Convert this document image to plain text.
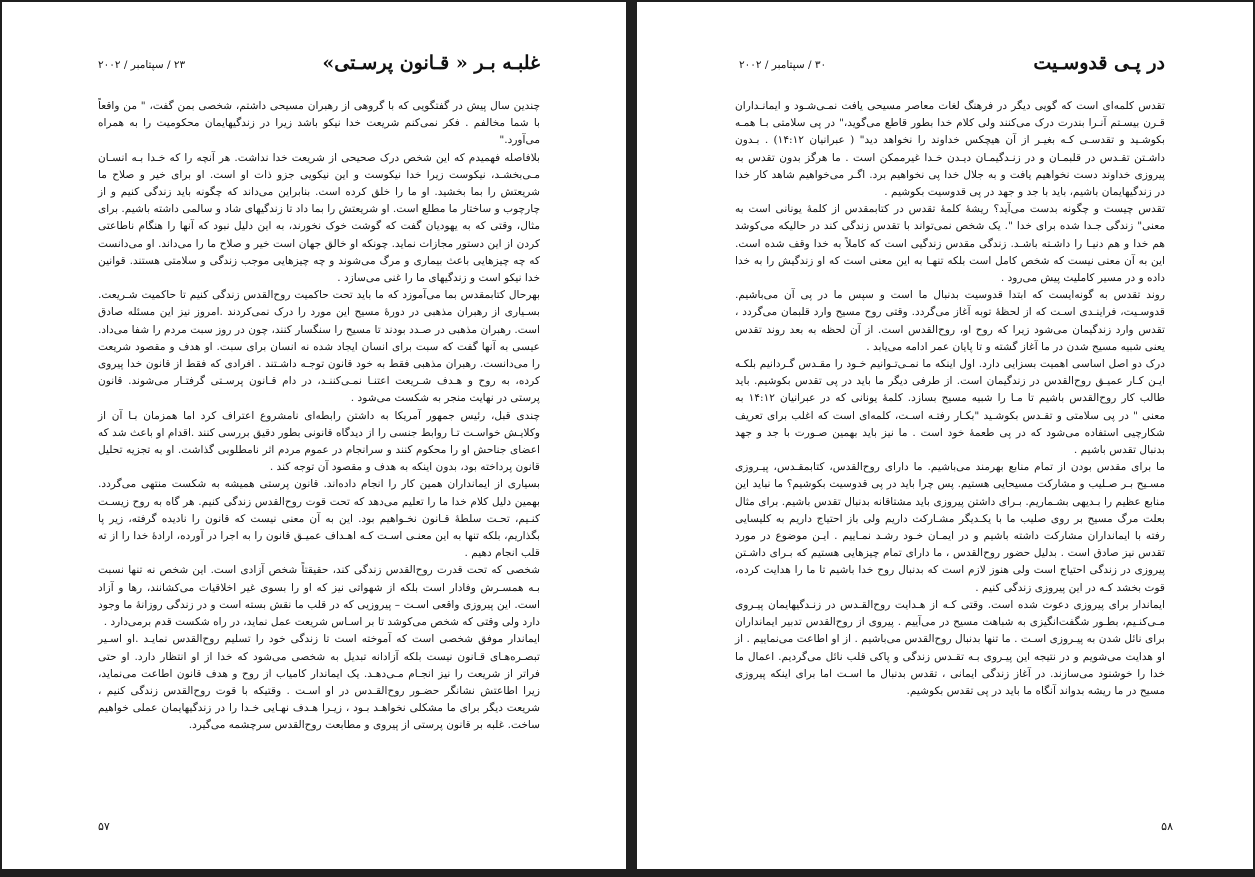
غلبـه بـر « قـانون پرسـتی»
۲۳ / سپتامبر / ۲۰۰۲

چندین سال پیش در گفتگویی که با گروهی از رهبران مسیحی داشتم، شخصی بمن گفت، " من واقعاً با شما مخالفم . فکر نمی‌کنم شریعت خدا نیکو باشد زیرا در زندگیهایمان محکومیت را به همراه می‌آورد."

بلافاصله فهمیدم که این شخص درک صحیحی از شریعت خدا نداشت. هر آنچه را که خـدا بـه انسـان مـی‌بخشـد، نیکوست زیرا خدا نیکوست و این نیکویی جزو ذات او است. او برای خیر و صلاح ما شریعتش را بما بخشید. او ما را خلق کرده است. بنابراین می‌داند که چگونه باید زندگی کنیم و از چارچوب و ساختار ما مطلع است. او شریعتش را بما داد تا زندگیهای شاد و سالمی داشته باشیم. برای مثال، وقتی که به یهودیان گفت که گوشت خوک نخورند، به این دلیل نبود که آنها را هنگام ناطاعتی کردن از این دستور مجازات نماید. چونکه او خالق جهان است خیر و صلاح ما را می‌داند. او می‌دانست که چه چیزهایی باعث بیماری و مرگ می‌شوند و چه چیزهایی موجب زندگی و سلامتی هستند. قوانین خدا نیکو است و زندگیهای ما را غنی می‌سازد .

بهرحال کتابمقدس بما می‌آموزد که ما باید تحت حاکمیت روح‌القدس زندگی کنیم تا حاکمیت شـریعت. بسـیاری از رهبران مذهبی در دورۀ مسیح این مورد را درک نمی‌کردند .امروز نیز این مسئله صادق است. رهبران مذهبی در صـدد بودند تا مسیح را سنگسار کنند، چون در روز سبت مردم را شفا می‌داد. عیسی به آنها گفت که سبت برای انسان ایجاد شده نه انسان برای سبت. او هدف و مقصود شریعت را می‌دانست. رهبران مذهبی فقط به خود قانون توجـه داشـتند . افرادی که فقط از قانون خدا پیروی کرده، به روح و هـدف شـریعت اعتنـا نمـی‌کننـد، در دام قـانون پرسـتی گرفتـار می‌شوند. قانون پرستی در نهایت منجر به شکست می‌شود .

چندی قبل، رئیس جمهور آمریکا به داشتن رابطه‌ای نامشروع اعتراف کرد اما همزمان بـا آن از وکلایـش خواسـت تـا روابط جنسی را از دیدگاه قانونی بطور دقیق بررسی کنند .اقدام او باعث شد که اعضای جناحش او را محکوم کنند و سرانجام در عموم مردم اثر نامطلوبی گذاشت. او به تجزیه تحلیل قانون پرداخته بود، بدون اینکه به هدف و مقصود آن توجه کند .

بسیاری از ایمانداران همین کار را انجام داده‌اند. قانون پرستی همیشه به شکست منتهی می‌گردد. بهمین دلیل کلام خدا ما را تعلیم می‌دهد که تحت قوت روح‌القدس زندگی کنیم. هر گاه به روح زیسـت کنـیم، تحـت سلطۀ قـانون نخـواهیم بود. این به آن معنی نیست که قانون را نادیده گرفته، زیر پا بگذاریم، بلکه تنها به این معنـی اسـت کـه اهـداف عمیـق قانون را به اجرا در آورده، ارادۀ خدا را از ته قلب انجام دهیم .

شخصی که تحت قدرت روح‌القدس زندگی کند، حقیقتاً شخص آزادی است. این شخص نه تنها نسبت بـه همسـرش وفادار است بلکه از شهواتی نیز که او را بسوی غیر اخلاقیات می‌کشانند، رها و آزاد است. این پیروزی واقعی اسـت – پیروزیی که در قلب ما نقش بسته است و در زندگی روزانۀ ما وجود دارد ولی وقتی که شخص می‌کوشد تا بر اسـاس شریعت عمل نماید، در راه شکست قدم برمی‌دارد .

ایماندار موفق شخصی است که آموخته است تا زندگی خود را تسلیم روح‌القدس نمایـد .او اسـیر تبصـره‌هـای قـانون نیست بلکه آزادانه تبدیل به شخصی می‌شود که خدا از او انتظار دارد. او حتی فراتر از شریعت را نیز انجـام مـی‌دهـد. یک ایماندار کامیاب از روح و هدف قانون اطاعت می‌نماید، زیرا اطاعتش نشانگر حضـور روح‌القـدس در او اسـت . وقتیکه با قوت روح‌القدس زندگی کنیم ، شریعت دیگر برای ما مشکلی نخواهـد بـود ، زیـرا هـدف نهـایی خـدا را در زندگیهایمان عملی خواهیم ساخت. غلبه بر قانون پرستی از پیروی و مطابعت روح‌القدس سرچشمه می‌گیرد.

۵۷
در پـی قدوسـیت
۳۰ / سپتامبر / ۲۰۰۲

تقدس کلمه‌ای است که گویی دیگر در فرهنگ لغات معاصر مسیحی یافت نمـی‌شـود و ایمانـداران قـرن بیسـتم آنـرا بندرت درک می‌کنند ولی کلام خدا بطور قاطع می‌گوید،" در پی سلامتی بـا همـه بکوشـید و تقدسـی کـه بغیـر از آن هیچکس خداوند را نخواهد دید" ( عبرانیان ۱۴:۱۲) . بـدون داشـتن تقـدس در قلبمـان و در زنـدگیمـان دیـدن خـدا غیرممکن است . ما هرگز بدون تقدس به پیروزی خداوند دست نخواهیم یافت و به جلال خدا پی نخواهیم برد. اگـر می‌خواهیم شاهد کار خدا در زندگیهایمان باشیم، باید با جد و جهد در پی قدوسیت بکوشیم .

تقدس چیست و چگونه بدست می‌آید؟ ریشۀ کلمۀ تقدس در کتابمقدس از کلمۀ یونانی است به معنی" زندگی جـدا شده برای خدا ". یک شخص نمی‌تواند با تقدس زندگی کند در حالیکه می‌کوشد هم خدا و هم دنیـا را داشـته باشـد. زندگی مقدس زندگیی است که کاملاً به خدا وقف شده است. این به آن معنی نیست که شخص کامل است بلکه تنهـا به این معنی است که او زندگیش را به خدا داده و در مسیر کاملیت پیش می‌رود .

روند تقدس به گونه‌ایست که ابتدا قدوسیت بدنبال ما است و سپس ما در پی آن می‌باشیم. قدوسـیت، فراینـدی اسـت که از لحظۀ توبه آغاز می‌گردد. وقتی روح مسیح وارد قلبمان می‌گردد ، تقدس وارد زندگیمان می‌شود زیرا که روح او، روح‌القدس است. از آن لحظه به بعد روند تقدس یعنی شبیه مسیح شدن در ما آغاز گشته و تا پایان عمر ادامه می‌یابد .

درک دو اصل اساسی اهمیت بسزایی دارد. اول اینکه ما نمـی‌تـوانیم خـود را مقـدس گـردانیم بلکـه ایـن کـار عمیـق روح‌القدس در زندگیمان است. از طرفی دیگر ما باید در پی تقدس بکوشیم. باید طالب کار روح‌القدس باشیم تا مـا را شبیه مسیح بسازد. کلمۀ یونانی که در عبرانیان ۱۴:۱۲ به معنی " در پی سلامتی و تقـدس بکوشـید "بکـار رفتـه اسـت، کلمه‌ای است که اغلب برای تعریف شکارچیی استفاده می‌شود که در پی طعمۀ خود است . ما نیز باید بهمین صـورت با جد و جهد بدنبال تقدس باشیم .

ما برای مقدس بودن از تمام منابع بهرمند می‌باشیم. ما دارای روح‌القدس، کتابمقـدس، پیـروزی مسـیح بـر صـلیب و مشارکت مسیحایی هستیم. پس چرا باید در پی قدوسیت بکوشیم؟ ما نباید این منابع عظیم را بـدیهی بشـماریم. بـرای داشتن پیروزی باید مشتاقانه بدنبال تقدس باشیم. برای مثال بعلت مرگ مسیح بر روی صلیب ما با یکـدیگر مشـارکت داریم ولی باز احتیاج داریم به کلیسایی رفته با ایمانداران مشارکت داشته باشیم و در ایمـان خـود رشـد نمـاییم . ایـن موضوع در مورد تقدس نیز صادق است . بدلیل حضور روح‌القدس ، ما دارای تمام چیزهایی هستیم که بـرای داشـتن پیروزی در زندگی احتیاج است ولی هنوز لازم است که بدنبال روح خدا باشیم تا ما را هدایت کرده، قوت بخشد کـه در این پیروزی زندگی کنیم .

ایماندار برای پیروزی دعوت شده است. وقتی کـه از هـدایت روح‌القـدس در زنـدگیهایمان پیـروی مـی‌کنـیم، بطـور شگفت‌انگیزی به شباهت مسیح در می‌آییم . پیروی از روح‌القدس تدبیر ایمانداران برای نائل شدن به پیـروزی اسـت . ما تنها بدنبال روح‌القدس می‌باشیم . از او اطاعت می‌نماییم . از او هدایت می‌شویم و در نتیجه این پیـروی بـه تقـدس زندگی و پاکی قلب نائل می‌گردیم. اعمال ما خدا را خوشنود می‌سازند. در آغاز زندگی ایمانی ، تقدس بدنبال ما اسـت اما برای اینکه پیروزی مسیح در ما ریشه بدواند آنگاه ما باید در پی تقدس بکوشیم.

۵۸
